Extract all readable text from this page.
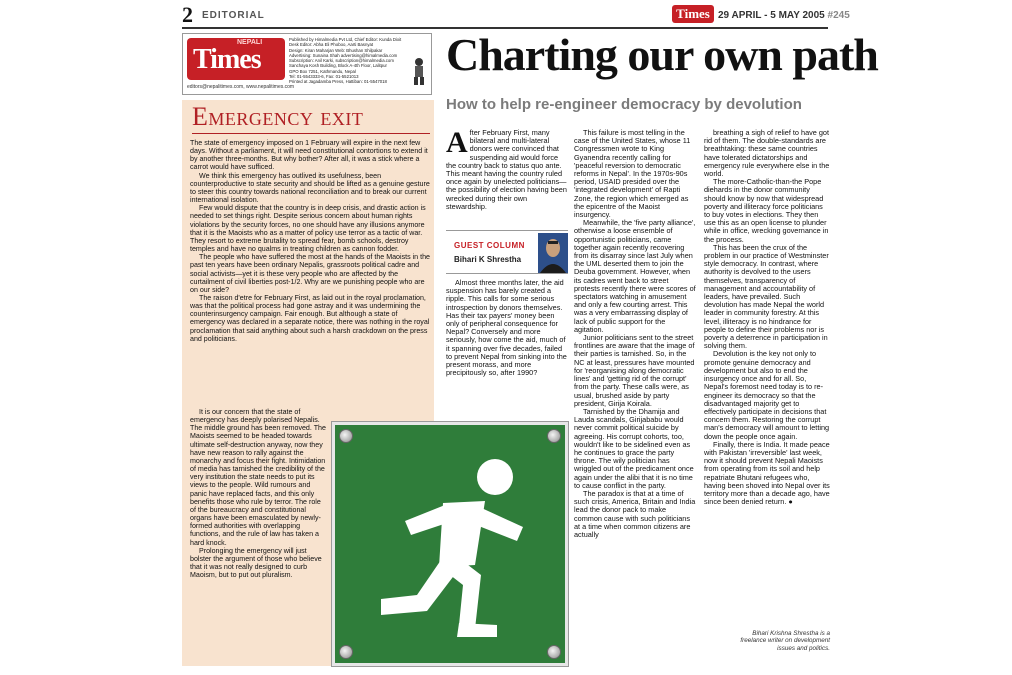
2 EDITORIAL	Times 29 APRIL - 5 MAY 2005 #245
NEPALI
Times
editors@nepalitimes.com, www.nepalitimes.com
Published by Himalmedia Pvt Ltd, Chief Editor: Kunda Dixit
Desk Editor: Abha Eli Phoboo, Aarti Basnyat
Design: Kiran Maharjan Web: Bhushan Shilpakar
Advertising: Sunaina Shah advertising@himalmedia.com
Subscription: Anil Karki, subscription@himalmedia.com
Sanchaya Kosh Building, Block A-4th Floor, Lalitpur
GPO Box 7251, Kathmandu, Nepal
Tel: 01-5543333-6, Fax: 01-5521013
Printed at Jagadamba Press, Hattiban: 01-5547018
Emergency exit

The state of emergency imposed on 1 February will expire in the next few days. Without a parliament, it will need constitutional contortions to extend it by another three-months. But why bother? After all, it was a stick where a carrot would have sufficed.

We think this emergency has outlived its usefulness, been counterproductive to state security and should be lifted as a genuine gesture to steer this country towards national reconciliation and to break our current international isolation.

Few would dispute that the country is in deep crisis, and drastic action is needed to set things right. Despite serious concern about human rights violations by the security forces, no one should have any illusions anymore that it is the Maoists who as a matter of policy use terror as a tactic of war. They resort to extreme brutality to spread fear, bomb schools, destroy temples and have no qualms in treating children as cannon fodder.

The people who have suffered the most at the hands of the Maoists in the past ten years have been ordinary Nepalis, grassroots political cadre and social activists—yet it is these very people who are affected by the curtailment of civil liberties post-1/2. Why are we punishing people who are on our side?

The raison d'etre for February First, as laid out in the royal proclamation, was that the political process had gone astray and it was undermining the counterinsurgency campaign. Fair enough. But although a state of emergency was declared in a separate notice, there was nothing in the royal proclamation that said anything about such a harsh crackdown on the press and politicians.

It is our concern that the state of emergency has deeply polarised Nepalis. The middle ground has been removed. The Maoists seemed to be headed towards ultimate self-destruction anyway, now they have new reason to rally against the monarchy and focus their fight. Intimidation of media has tarnished the credibility of the very institution the state needs to put its views to the people. Wild rumours and panic have replaced facts, and this only benefits those who rule by terror. The role of the bureaucracy and constitutional organs have been emasculated by newly-formed authorities with overlapping functions, and the rule of law has taken a hard knock.

Prolonging the emergency will just bolster the argument of those who believe that it was not really designed to curb Maoism, but to put out pluralism.

Charting our own path
How to help re-engineer democracy by devolution

After February First, many bilateral and multi-lateral donors were convinced that suspending aid would force the country back to status quo ante. This meant having the country ruled once again by unelected politicians—the possibility of election having been wrecked during their own stewardship.

GUEST COLUMN
Bihari K Shrestha

Almost three months later, the aid suspension has barely created a ripple. This calls for some serious introspection by donors themselves. Has their tax payers' money been only of peripheral consequence for Nepal? Conversely and more seriously, how come the aid, much of it spanning over five decades, failed to prevent Nepal from sinking into the present morass, and more precipitously so, after 1990?

This failure is most telling in the case of the United States, whose 11 Congressmen wrote to King Gyanendra recently calling for 'peaceful reversion to democratic reforms in Nepal'. In the 1970s-90s period, USAID presided over the 'integrated development' of Rapti Zone, the region which emerged as the epicentre of the Maoist insurgency.

Meanwhile, the 'five party alliance', otherwise a loose ensemble of opportunistic politicians, came together again recently recovering from its disarray since last July when the UML deserted them to join the Deuba government. However, when its cadres went back to street protests recently there were scores of spectators watching in amusement and only a few courting arrest. This was a very embarrassing display of lack of public support for the agitation.

Junior politicians sent to the street frontlines are aware that the image of their parties is tarnished. So, in the NC at least, pressures have mounted for 'reorganising along democratic lines' and 'getting rid of the corrupt' from the party. These calls were, as usual, brushed aside by party president, Girija Koirala.

Tarnished by the Dhamija and Lauda scandals, Girijababu would never commit political suicide by agreeing. His corrupt cohorts, too, wouldn't like to be sidelined even as he continues to grace the party throne. The wily politician has wriggled out of the predicament once again under the alibi that it is no time to cause conflict in the party.

The paradox is that at a time of such crisis, America, Britain and India lead the donor pack to make common cause with such politicians at a time when common citizens are actually

breathing a sigh of relief to have got rid of them. The double-standards are breathtaking: these same countries have tolerated dictatorships and emergency rule everywhere else in the world.

The more-Catholic-than-the Pope diehards in the donor community should know by now that widespread poverty and illiteracy force politicians to buy votes in elections. They then use this as an open license to plunder while in office, wrecking governance in the process.

This has been the crux of the problem in our practice of Westminster style democracy. In contrast, where authority is devolved to the users themselves, transparency of management and accountability of leaders, have prevailed. Such devolution has made Nepal the world leader in community forestry. At this level, illiteracy is no hindrance for people to define their problems nor is poverty a deterrence in participation in solving them.

Devolution is the key not only to promote genuine democracy and development but also to end the insurgency once and for all. So, Nepal's foremost need today is to re-engineer its democracy so that the disadvantaged majority get to effectively participate in decisions that concern them. Restoring the corrupt man's democracy will amount to letting down the people once again.

Finally, there is India. It made peace with Pakistan 'irreversible' last week, now it should prevent Nepali Maoists from operating from its soil and help repatriate Bhutani refugees who, having been shoved into Nepal over its territory more than a decade ago, have since been denied return. ●

Bihari Krishna Shrestha is a freelance writer on development issues and politics.
